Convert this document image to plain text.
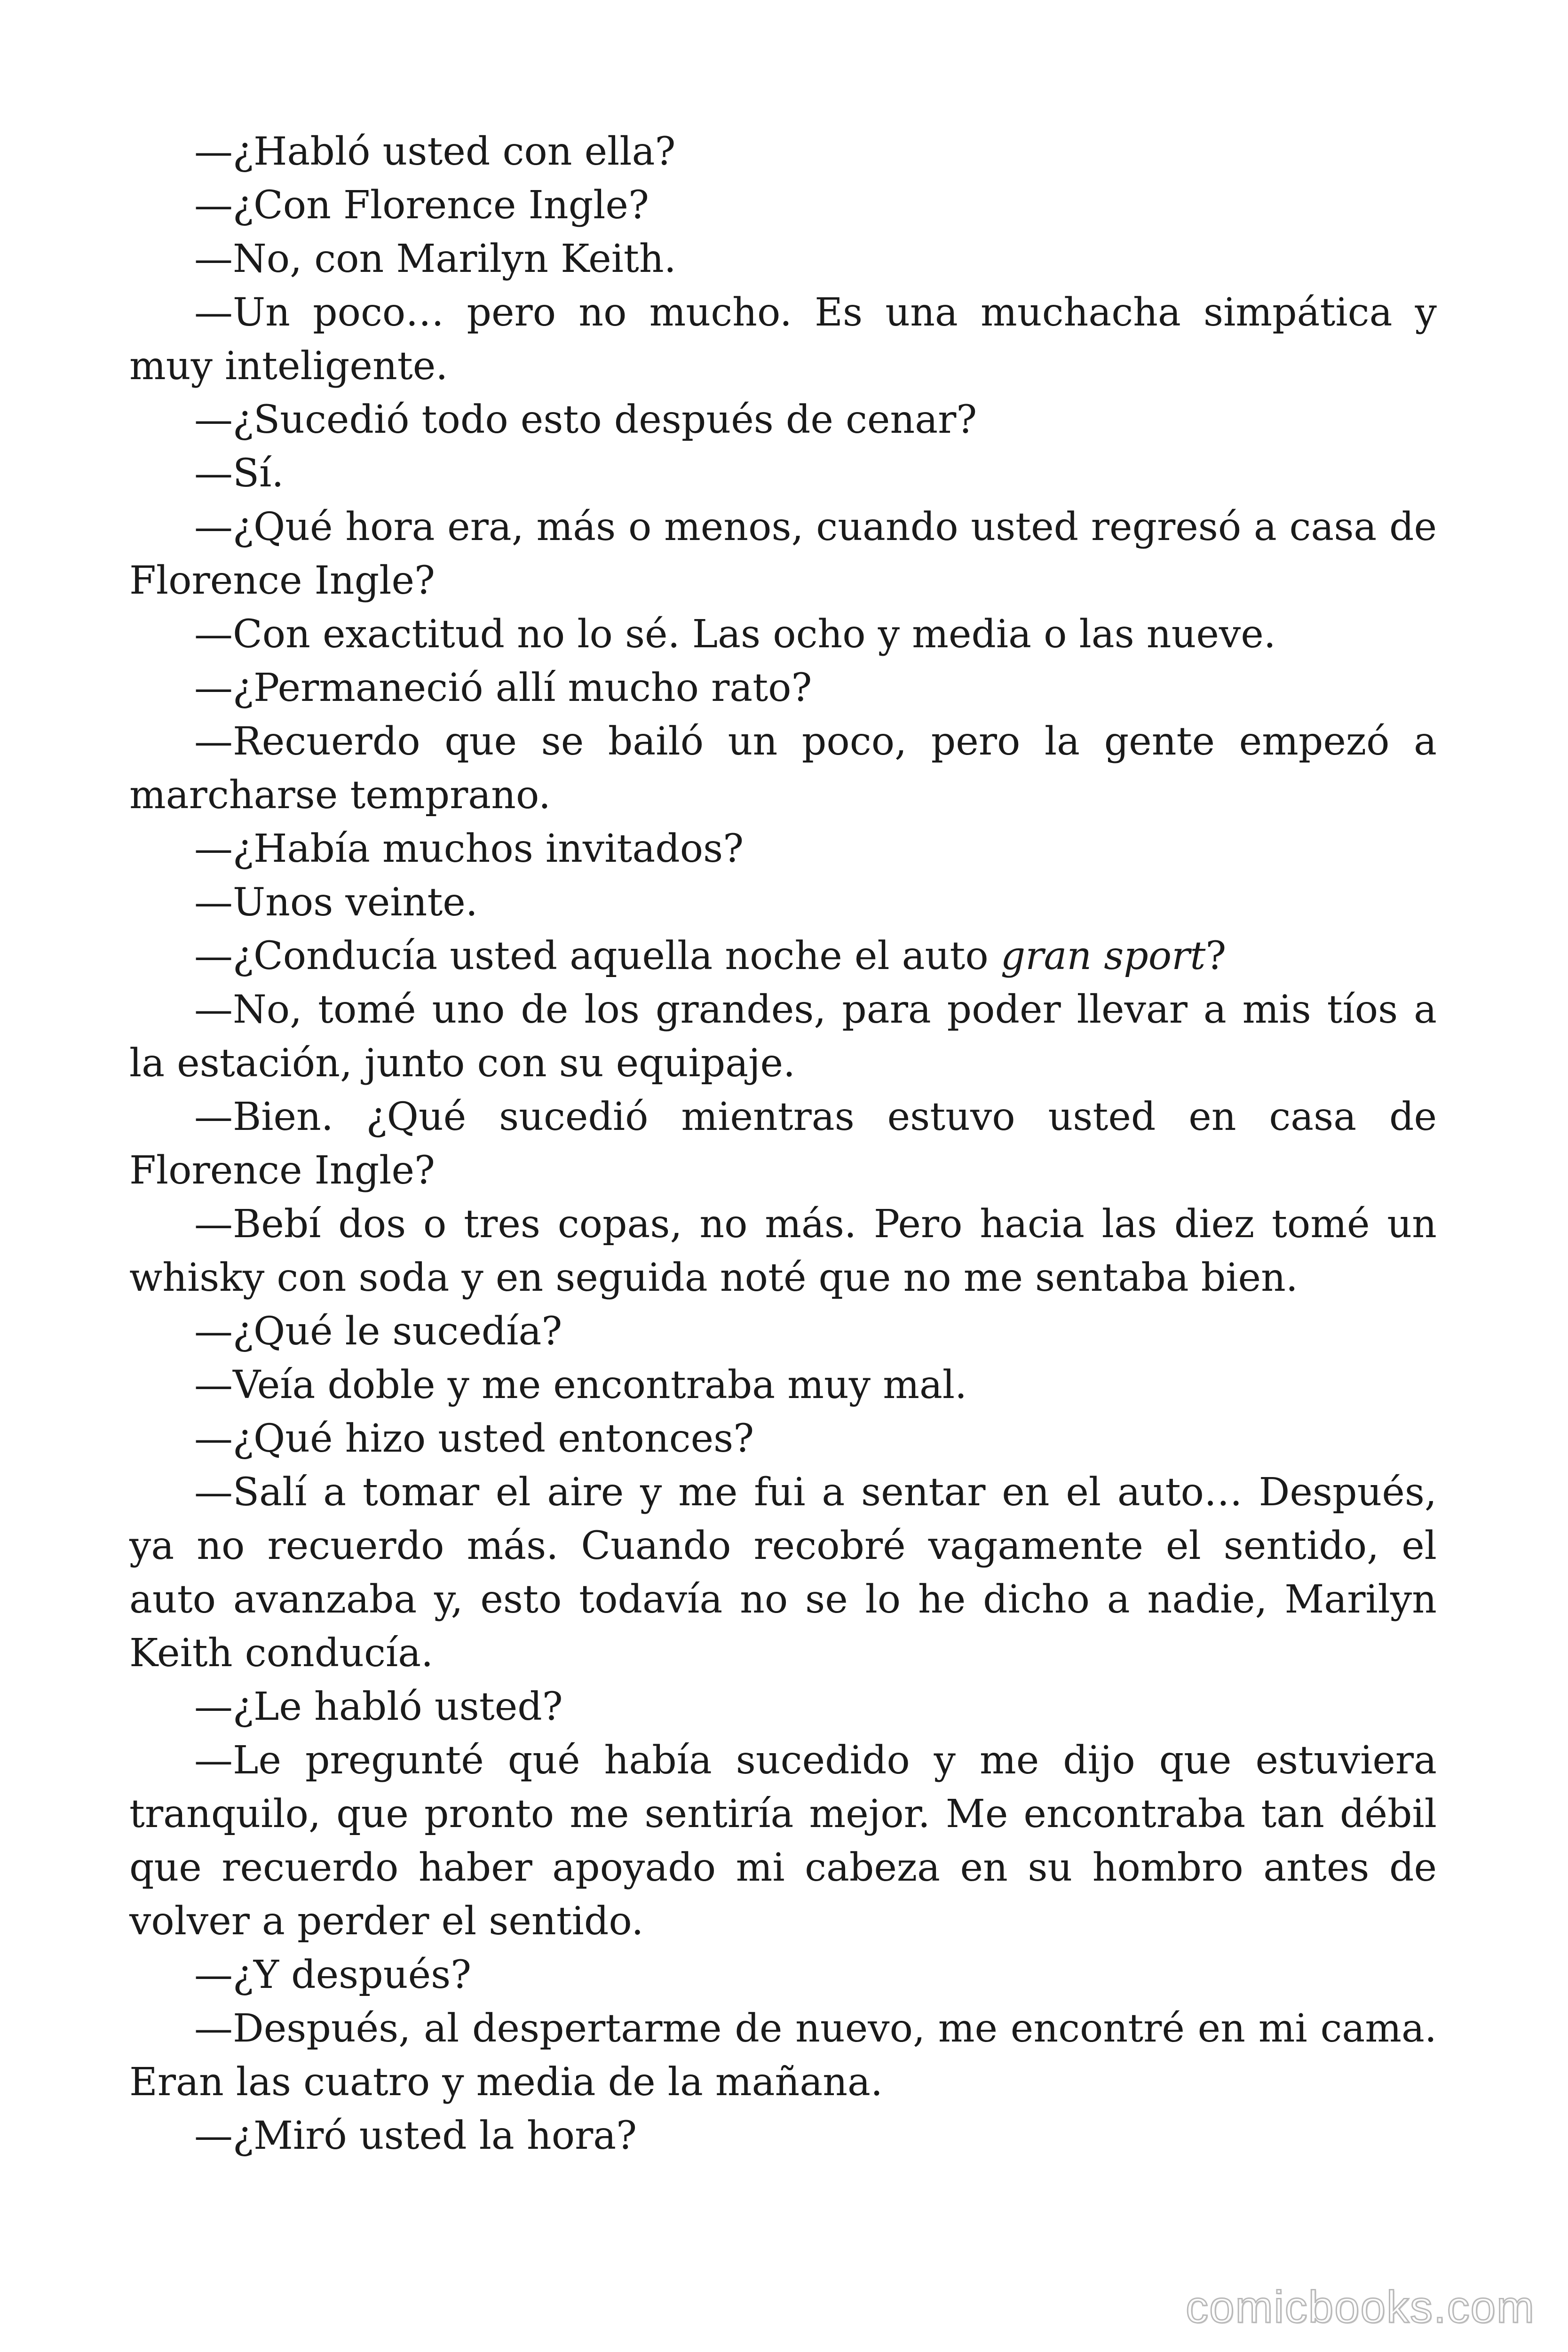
—¿Habló usted con ella?

—¿Con Florence Ingle?

—No, con Marilyn Keith.

—Un poco… pero no mucho. Es una muchacha simpática y muy inteligente.

—¿Sucedió todo esto después de cenar?

—Sí.

—¿Qué hora era, más o menos, cuando usted regresó a casa de Florence Ingle?

—Con exactitud no lo sé. Las ocho y media o las nueve.

—¿Permaneció allí mucho rato?

—Recuerdo que se bailó un poco, pero la gente empezó a marcharse temprano.

—¿Había muchos invitados?

—Unos veinte.

—¿Conducía usted aquella noche el auto gran sport?

—No, tomé uno de los grandes, para poder llevar a mis tíos a la estación, junto con su equipaje.

—Bien. ¿Qué sucedió mientras estuvo usted en casa de Florence Ingle?

—Bebí dos o tres copas, no más. Pero hacia las diez tomé un whisky con soda y en seguida noté que no me sentaba bien.

—¿Qué le sucedía?

—Veía doble y me encontraba muy mal.

—¿Qué hizo usted entonces?

—Salí a tomar el aire y me fui a sentar en el auto… Después, ya no recuerdo más. Cuando recobré vagamente el sentido, el auto avanzaba y, esto todavía no se lo he dicho a nadie, Marilyn Keith conducía.

—¿Le habló usted?

—Le pregunté qué había sucedido y me dijo que estuviera tranquilo, que pronto me sentiría mejor. Me encontraba tan débil que recuerdo haber apoyado mi cabeza en su hombro antes de volver a perder el sentido.

—¿Y después?

—Después, al despertarme de nuevo, me encontré en mi cama. Eran las cuatro y media de la mañana.

—¿Miró usted la hora?

comicbooks.com
